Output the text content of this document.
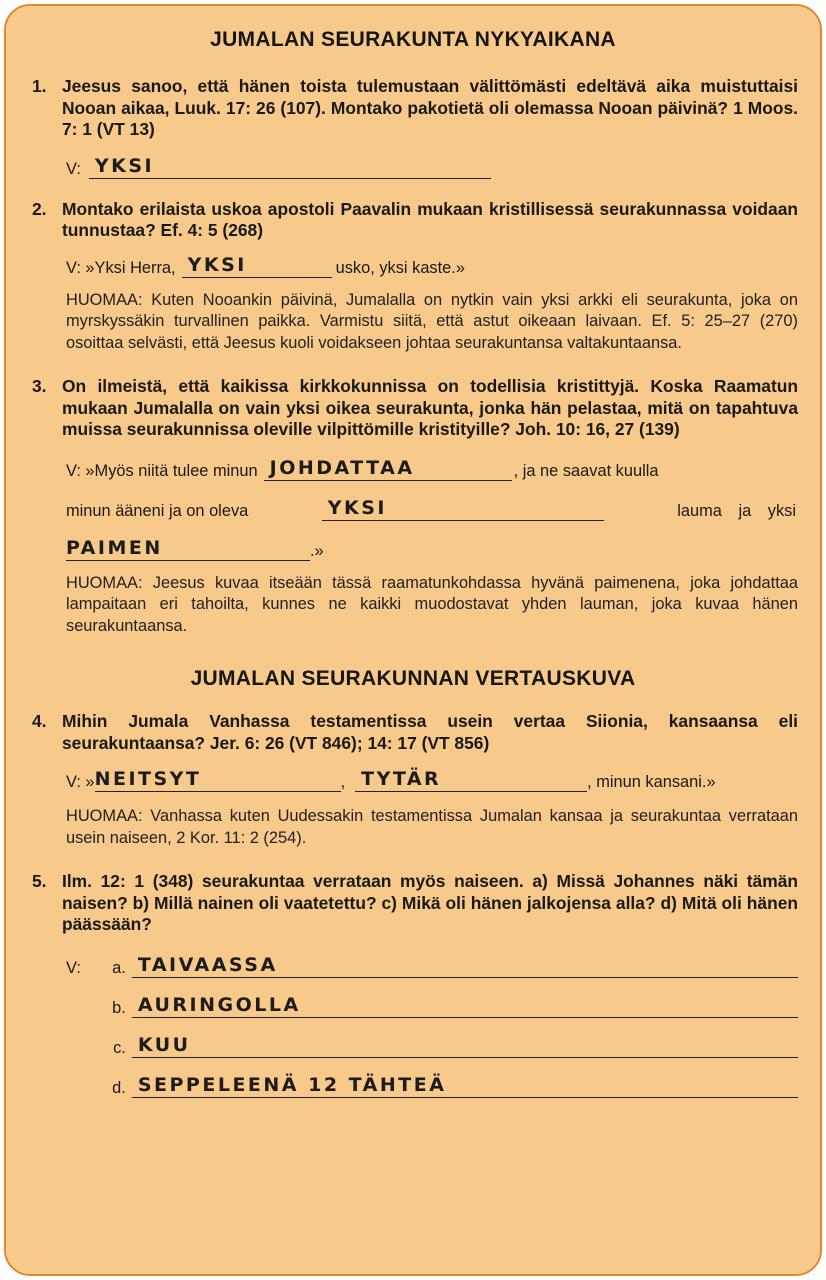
JUMALAN SEURAKUNTA NYKYAIKANA
1. Jeesus sanoo, että hänen toista tulemustaan välittömästi edeltävä aika muistuttaisi Nooan aikaa, Luuk. 17: 26 (107). Montako pakotietä oli olemassa Nooan päivinä? 1 Moos. 7: 1 (VT 13)
V: YKSI
2. Montako erilaista uskoa apostoli Paavalin mukaan kristillisessä seurakunnassa voidaan tunnustaa? Ef. 4: 5 (268)
V: »Yksi Herra, YKSI	usko, yksi kaste.»
HUOMAA: Kuten Nooankin päivinä, Jumalalla on nytkin vain yksi arkki eli seurakunta, joka on myrskyssäkin turvallinen paikka. Varmistu siitä, että astut oikeaan laivaan. Ef. 5: 25–27 (270) osoittaa selvästi, että Jeesus kuoli voidakseen johtaa seurakuntansa valtakuntaansa.
3. On ilmeistä, että kaikissa kirkkokunnissa on todellisia kristittyjä. Koska Raamatun mukaan Jumalalla on vain yksi oikea seurakunta, jonka hän pelastaa, mitä on tapahtuva muissa seurakunnissa oleville vilpittömille kristityille? Joh. 10: 16, 27 (139)
V: »Myös niitä tulee minun JOHDATTAA	, ja ne saavat kuulla
minun ääneni ja on oleva	YKSI	lauma ja yksi
PAIMEN	.»
HUOMAA: Jeesus kuvaa itseään tässä raamatunkohdassa hyvänä paimenena, joka johdattaa lampaitaan eri tahoilta, kunnes ne kaikki muodostavat yhden lauman, joka kuvaa hänen seurakuntaansa.
JUMALAN SEURAKUNNAN VERTAUSKUVA
4. Mihin Jumala Vanhassa testamentissa usein vertaa Siionia, kansaansa eli seurakuntaansa? Jer. 6: 26 (VT 846); 14: 17 (VT 856)
V: » NEITSYT	, TYTÄR	, minun kansani.»
HUOMAA: Vanhassa kuten Uudessakin testamentissa Jumalan kansaa ja seurakuntaa verrataan usein naiseen, 2 Kor. 11: 2 (254).
5. Ilm. 12: 1 (348) seurakuntaa verrataan myös naiseen. a) Missä Johannes näki tämän naisen? b) Millä nainen oli vaatetettu? c) Mikä oli hänen jalkojensa alla? d) Mitä oli hänen päässään?
V:	a. TAIVAASSA
b. AURINGOLLA
c. KUU
d. SEPPELEENÄ 12 TÄHTEÄ
